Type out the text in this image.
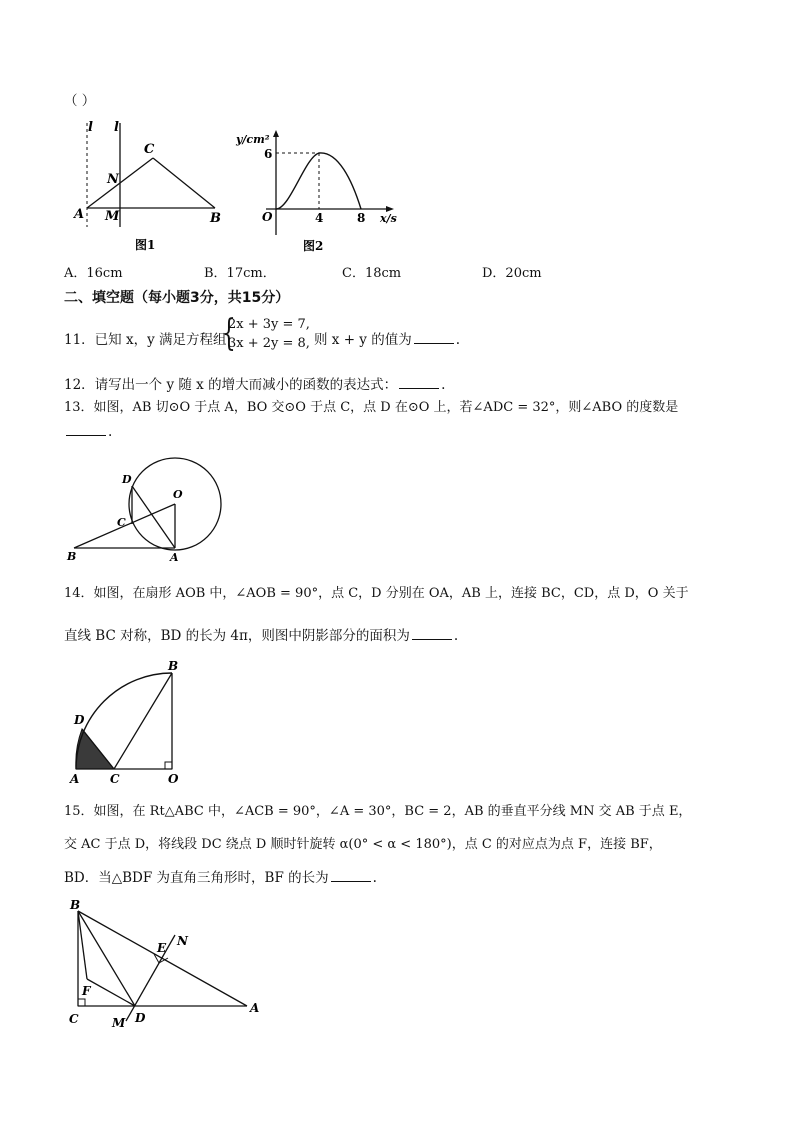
（ ）
l l
C
N
A M	B
图1
y/cm²
6
O	4	8 x/s
图2
A．16cm	B．17cm．	C．18cm	D．20cm
二、填空题（每小题3分，共15分）
11．已知 x，y 满足方程组
{
2x + 3y = 7,
3x + 2y = 8, 则 x + y 的值为	.
12．请写出一个 y 随 x 的增大而减小的函数的表达式：	.
13．如图，AB 切⊙O 于点 A，BO 交⊙O 于点 C，点 D 在⊙O 上，若∠ADC = 32°，则∠ABO 的度数是
.
D
O
C
B	A
14．如图，在扇形 AOB 中，∠AOB = 90°，点 C，D 分别在 OA，AB 上，连接 BC，CD，点 D，O 关于
直线 BC 对称，BD 的长为 4π，则图中阴影部分的面积为	.
B
D
A	C	O
15．如图，在 Rt△ABC 中，∠ACB = 90°，∠A = 30°，BC = 2，AB 的垂直平分线 MN 交 AB 于点 E，
交 AC 于点 D，将线段 DC 绕点 D 顺时针旋转 α(0° < α < 180°)，点 C 的对应点为点 F，连接 BF，
BD．当△BDF 为直角三角形时，BF 的长为	.
B
E N
F
C	M D
A
